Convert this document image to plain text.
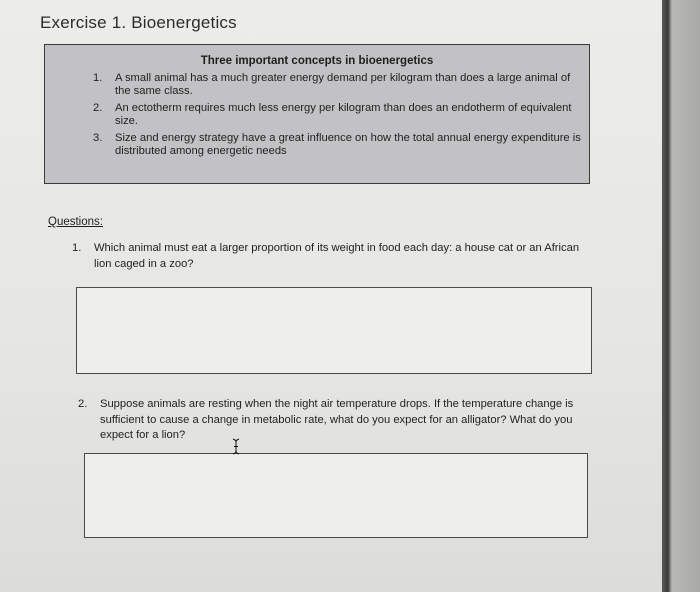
Exercise 1. Bioenergetics
Three important concepts in bioenergetics
1. A small animal has a much greater energy demand per kilogram than does a large animal of the same class.
2. An ectotherm requires much less energy per kilogram than does an endotherm of equivalent size.
3. Size and energy strategy have a great influence on how the total annual energy expenditure is distributed among energetic needs
Questions:
1.	Which animal must eat a larger proportion of its weight in food each day: a house cat or an African lion caged in a zoo?
2.	Suppose animals are resting when the night air temperature drops. If the temperature change is sufficient to cause a change in metabolic rate, what do you expect for an alligator? What do you expect for a lion?
